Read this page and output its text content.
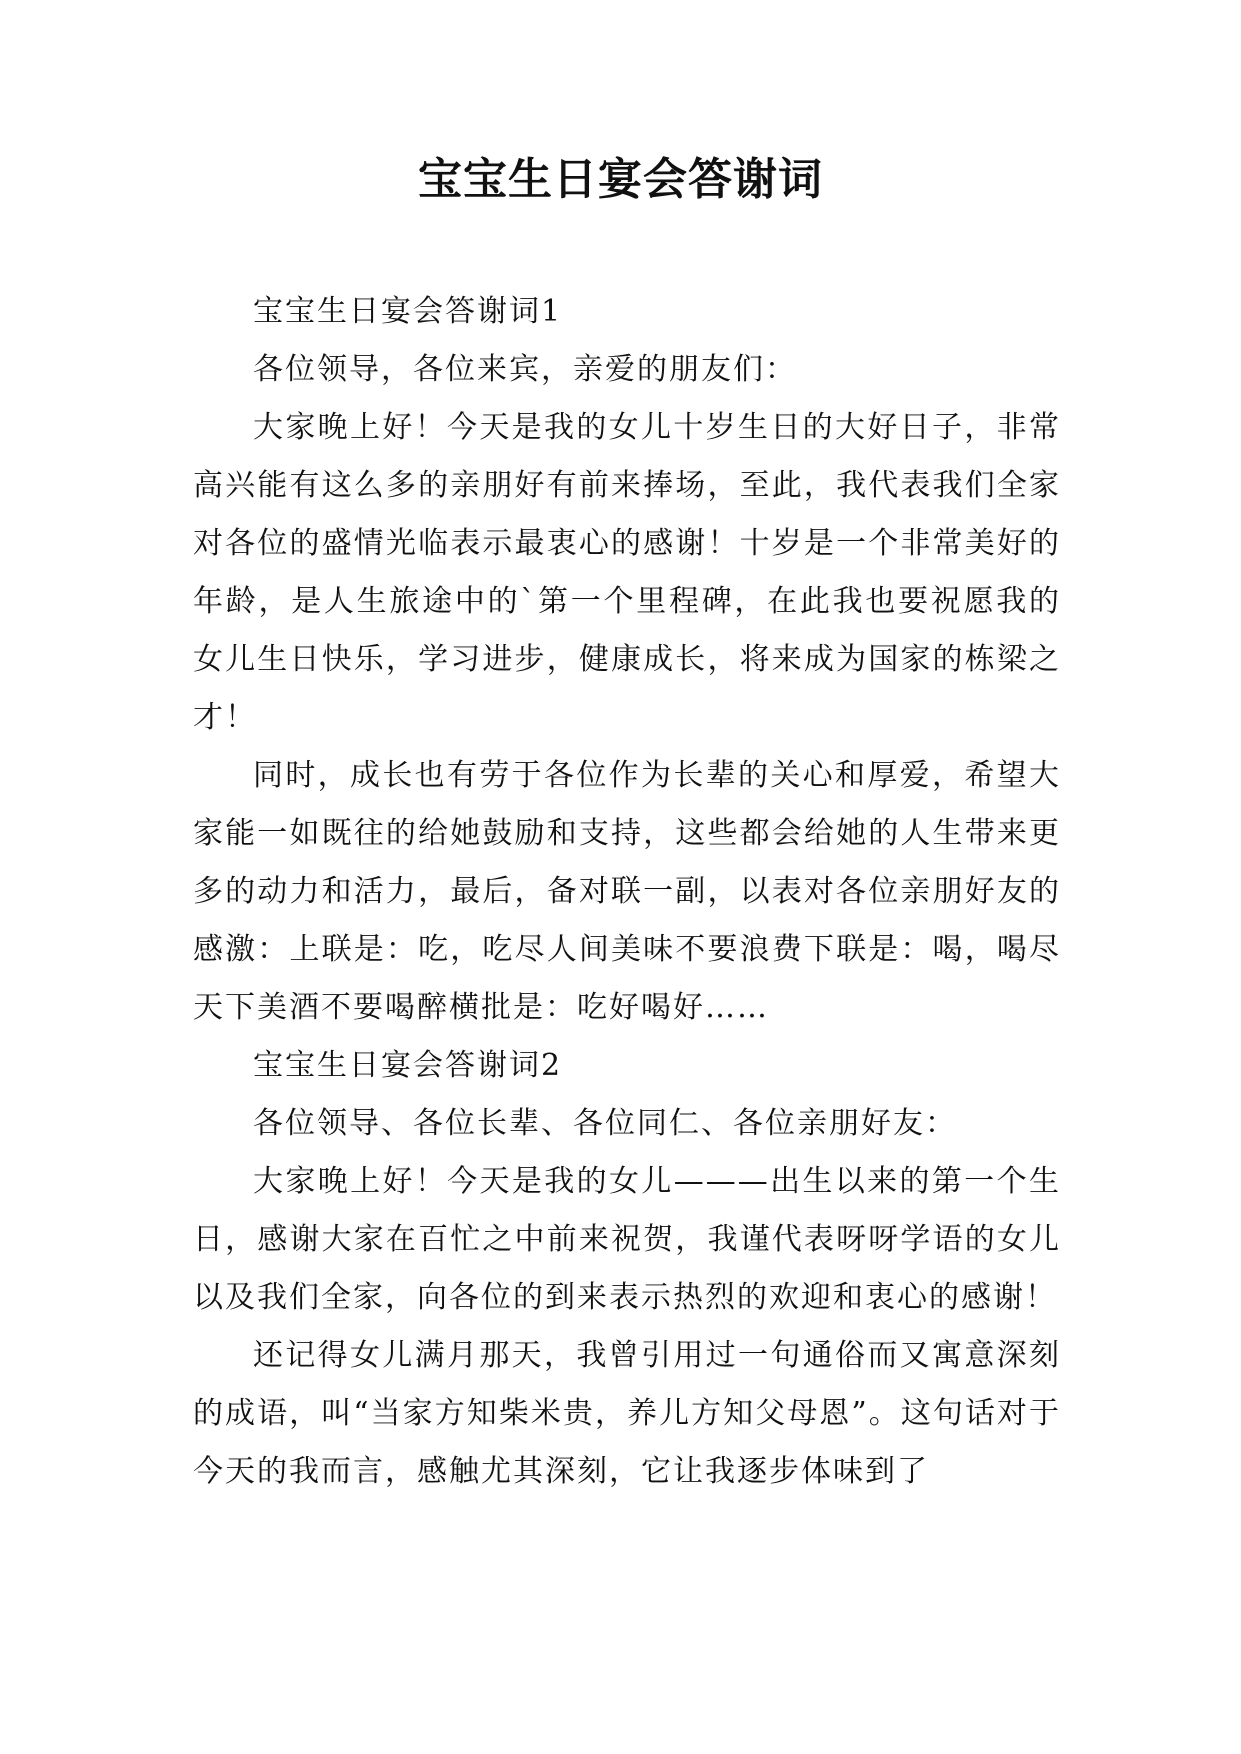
宝宝生日宴会答谢词

宝宝生日宴会答谢词1

各位领导，各位来宾，亲爱的朋友们：

大家晚上好！今天是我的女儿十岁生日的大好日子，非常高兴能有这么多的亲朋好有前来捧场，至此，我代表我们全家对各位的盛情光临表示最衷心的感谢！十岁是一个非常美好的年龄，是人生旅途中的`第一个里程碑，在此我也要祝愿我的女儿生日快乐，学习进步，健康成长，将来成为国家的栋梁之才！

同时，成长也有劳于各位作为长辈的关心和厚爱，希望大家能一如既往的给她鼓励和支持，这些都会给她的人生带来更多的动力和活力，最后，备对联一副，以表对各位亲朋好友的感激：上联是：吃，吃尽人间美味不要浪费下联是：喝，喝尽天下美酒不要喝醉横批是：吃好喝好……

宝宝生日宴会答谢词2

各位领导、各位长辈、各位同仁、各位亲朋好友：

大家晚上好！今天是我的女儿———出生以来的第一个生日，感谢大家在百忙之中前来祝贺，我谨代表呀呀学语的女儿以及我们全家，向各位的到来表示热烈的欢迎和衷心的感谢！

还记得女儿满月那天，我曾引用过一句通俗而又寓意深刻的成语，叫“当家方知柴米贵，养儿方知父母恩”。这句话对于今天的我而言，感触尤其深刻，它让我逐步体味到了
